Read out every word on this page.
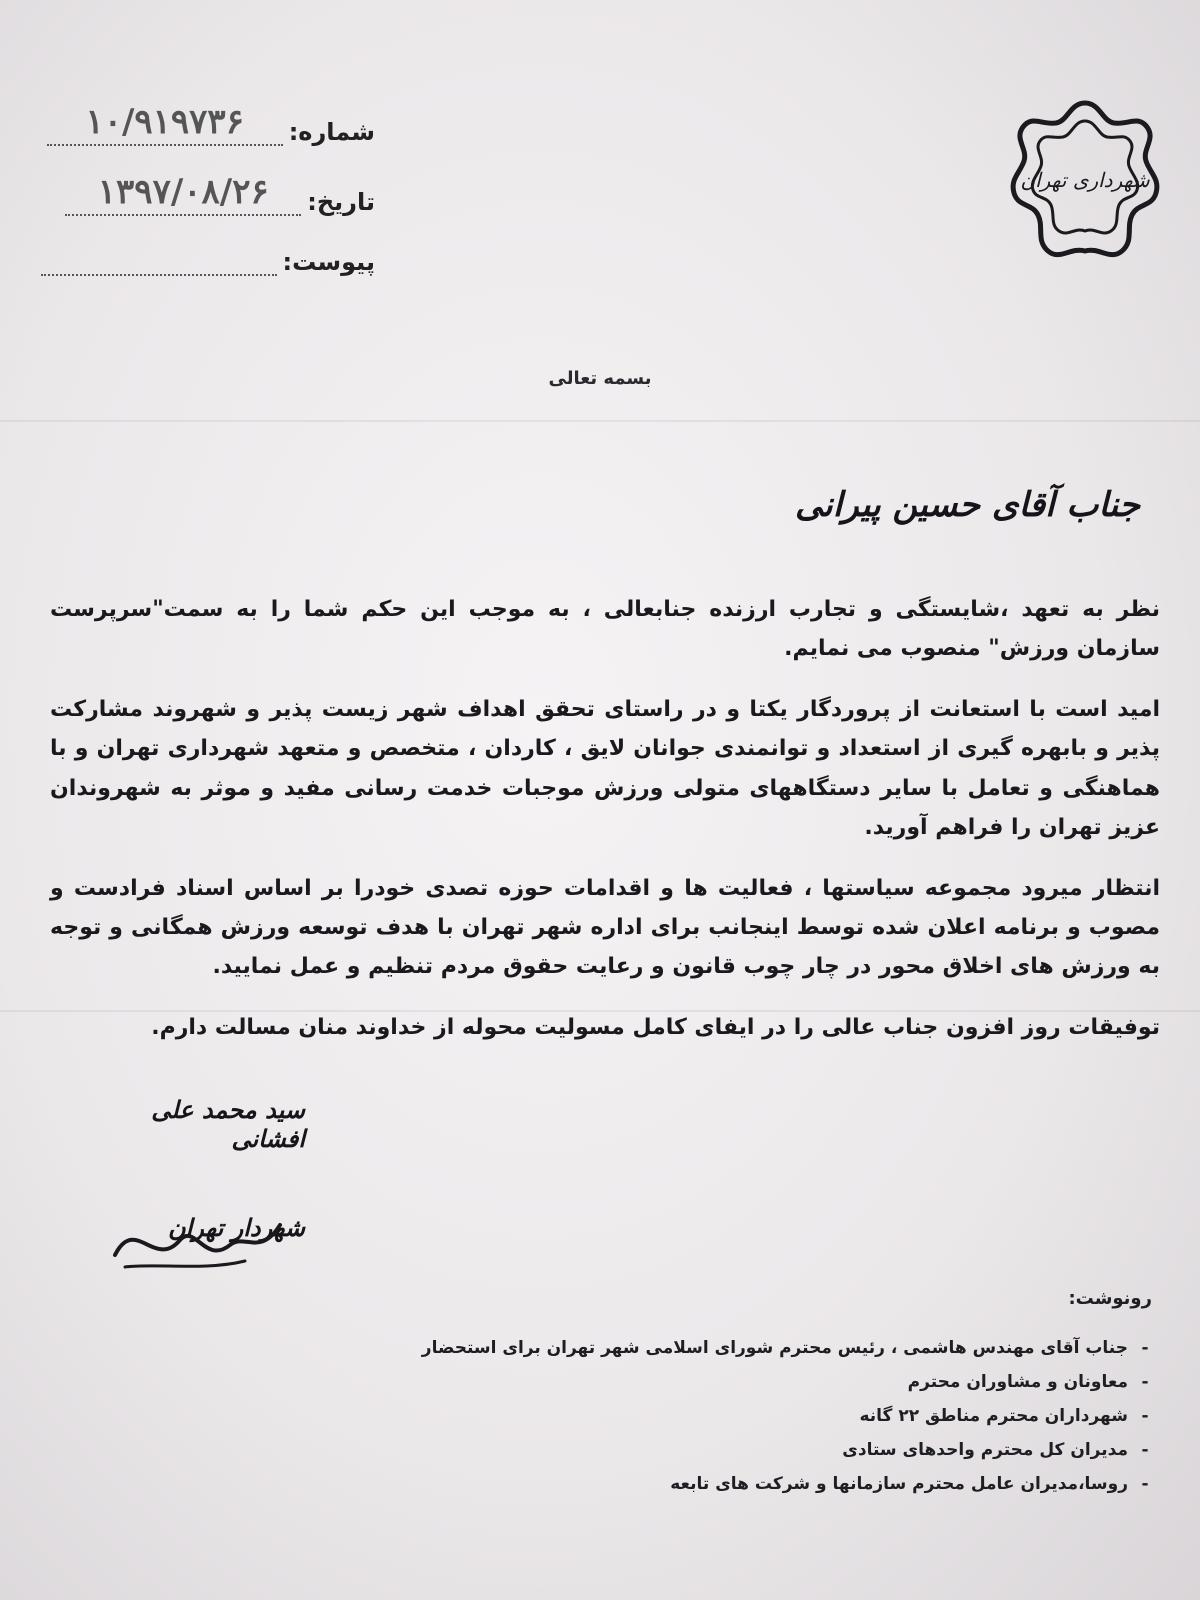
شهرداری تهران
شماره:
۱۰/۹۱۹۷۳۶
تاریخ:
۱۳۹۷/۰۸/۲۶
پیوست:
بسمه تعالی
جناب آقای حسین پیرانی

نظر به تعهد ،شایستگی و تجارب ارزنده جنابعالی ، به موجب این حکم شما را به سمت"سرپرست سازمان ورزش" منصوب می نمایم.

امید است با استعانت از پروردگار یکتا و در راستای تحقق اهداف شهر زیست پذیر و شهروند مشارکت پذیر و بابهره گیری از استعداد و توانمندی جوانان لایق ، کاردان ، متخصص و متعهد شهرداری تهران و با هماهنگی و تعامل با سایر دستگاههای متولی ورزش موجبات خدمت رسانی مفید و موثر به شهروندان عزیز تهران را فراهم آورید.

انتظار میرود مجموعه سیاستها ، فعالیت ها و اقدامات حوزه تصدی خودرا بر اساس اسناد فرادست و مصوب و برنامه اعلان شده توسط اینجانب برای اداره شهر تهران با هدف توسعه ورزش همگانی و توجه به ورزش های اخلاق محور در چار چوب قانون و رعایت حقوق مردم تنظیم و عمل نمایید.

توفیقات روز افزون جناب عالی را در ایفای کامل مسولیت محوله از خداوند منان مسالت دارم.

سید محمد علی افشانی
شهردار تهران
رونوشت:
-
جناب آقای مهندس هاشمی ، رئیس محترم شورای اسلامی شهر تهران برای استحضار
-
معاونان و مشاوران محترم
-
شهرداران محترم مناطق ۲۲ گانه
-
مدیران کل محترم واحدهای ستادی
-
روسا،مدیران عامل محترم سازمانها و شرکت های تابعه
